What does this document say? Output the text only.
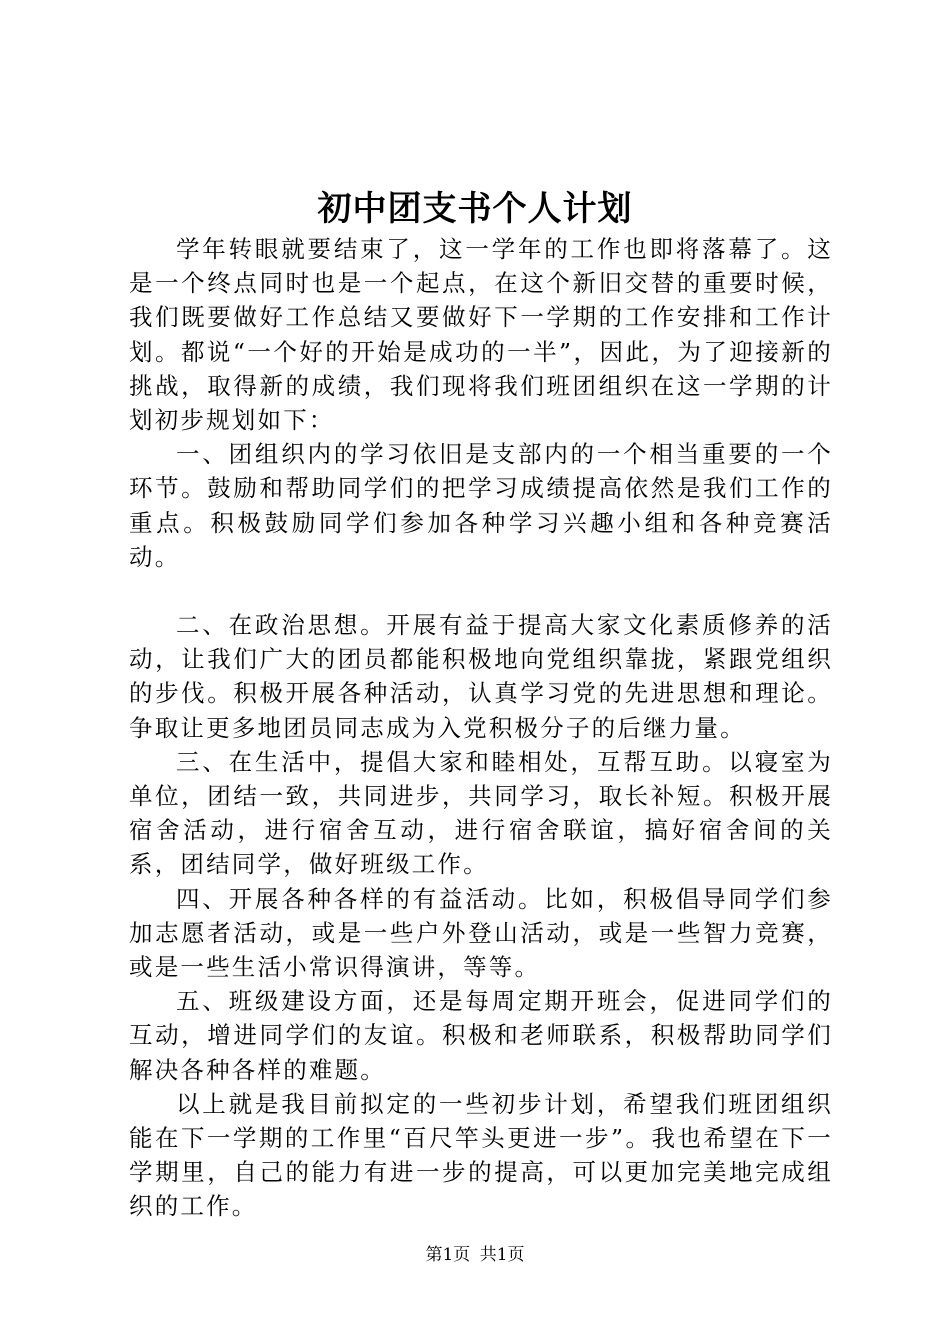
初中团支书个人计划

学年转眼就要结束了，这一学年的工作也即将落幕了。这是一个终点同时也是一个起点，在这个新旧交替的重要时候，我们既要做好工作总结又要做好下一学期的工作安排和工作计划。都说“一个好的开始是成功的一半”，因此，为了迎接新的挑战，取得新的成绩，我们现将我们班团组织在这一学期的计划初步规划如下：

一、团组织内的学习依旧是支部内的一个相当重要的一个环节。鼓励和帮助同学们的把学习成绩提高依然是我们工作的重点。积极鼓励同学们参加各种学习兴趣小组和各种竞赛活动。

二、在政治思想。开展有益于提高大家文化素质修养的活动，让我们广大的团员都能积极地向党组织靠拢，紧跟党组织的步伐。积极开展各种活动，认真学习党的先进思想和理论。争取让更多地团员同志成为入党积极分子的后继力量。

三、在生活中，提倡大家和睦相处，互帮互助。以寝室为单位，团结一致，共同进步，共同学习，取长补短。积极开展宿舍活动，进行宿舍互动，进行宿舍联谊，搞好宿舍间的关系，团结同学，做好班级工作。

四、开展各种各样的有益活动。比如，积极倡导同学们参加志愿者活动，或是一些户外登山活动，或是一些智力竞赛，或是一些生活小常识得演讲，等等。

五、班级建设方面，还是每周定期开班会，促进同学们的互动，增进同学们的友谊。积极和老师联系，积极帮助同学们解决各种各样的难题。

以上就是我目前拟定的一些初步计划，希望我们班团组织能在下一学期的工作里“百尺竿头更进一步”。我也希望在下一学期里，自己的能力有进一步的提高，可以更加完美地完成组织的工作。

第1页 共1页
